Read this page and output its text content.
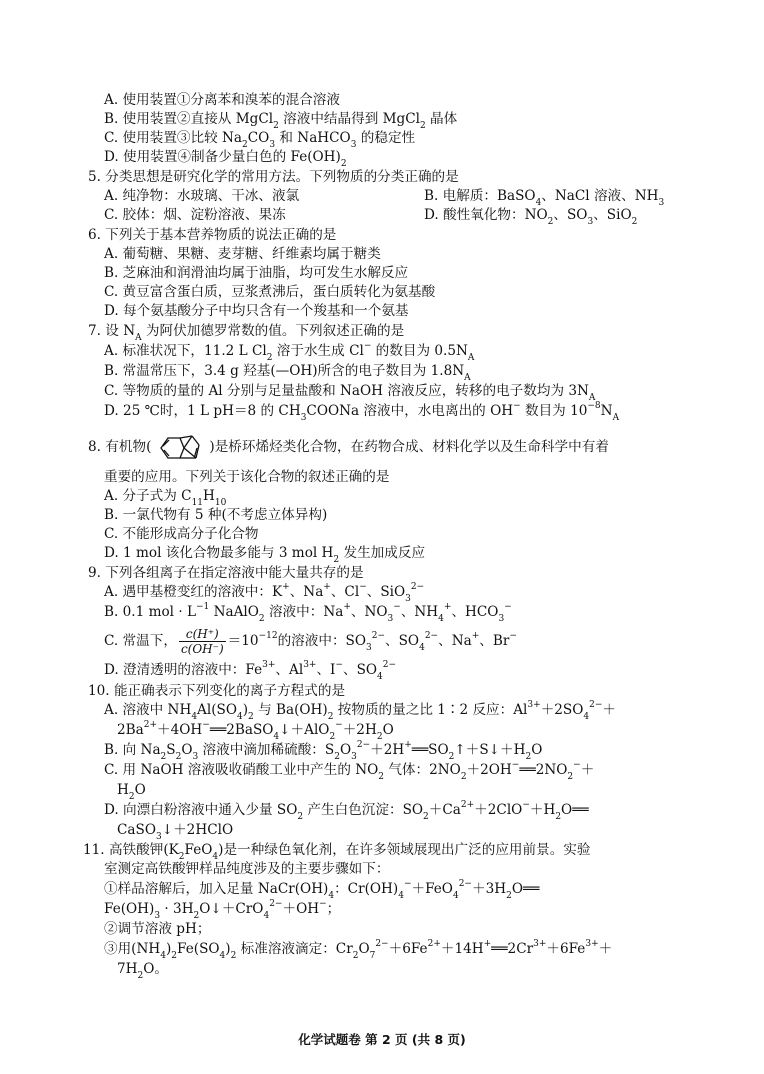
A. 使用装置①分离苯和溴苯的混合溶液
B. 使用装置②直接从 MgCl$_2$ 溶液中结晶得到 MgCl$_2$ 晶体
C. 使用装置③比较 $Na_2CO_3$ 和 NaHCO$_3$ 的稳定性
D. 使用装置④制备少量白色的 $Fe(OH)_2$
5. 分类思想是研究化学的常用方法。下列物质的分类正确的是
A. 纯净物：水玻璃、干冰、液氯	B. 电解质：BaSO$_4$、NaCl 溶液、$NH_3$
C. 胶体：烟、淀粉溶液、果冻	D. 酸性氧化物：$NO_2$、$SO_3$、SiO$_2$
6. 下列关于基本营养物质的说法正确的是
A. 葡萄糖、果糖、麦芽糖、纤维素均属于糖类
B. 芝麻油和润滑油均属于油脂，均可发生水解反应
C. 黄豆富含蛋白质，豆浆煮沸后，蛋白质转化为氨基酸
D. 每个氨基酸分子中均只含有一个羧基和一个氨基
7. 设 $N_A$ 为阿伏加德罗常数的值。下列叙述正确的是
A. 标准状况下，11.2 L $Cl_2$ 溶于水生成 Cl− 的数目为 $0.5N_A$
B. 常温常压下，3.4 g 羟基(—OH)所含的电子数目为 $1.8N_A$
C. 等物质的量的 Al 分别与足量盐酸和 NaOH 溶液反应，转移的电子数均为 $3N_A$
D. 25 ℃时，1 L pH＝8 的 $CH_3COONa$ 溶液中，水电离出的 OH− 数目为 $10^{-8}N_A$
8. 有机物(	)是桥环烯烃类化合物，在药物合成、材料化学以及生命科学中有着
重要的应用。下列关于该化合物的叙述正确的是
A. 分子式为 $C_{11}H_{10}$
B. 一氯代物有 5 种(不考虑立体异构)
C. 不能形成高分子化合物
D. 1 mol 该化合物最多能与 3 mol $H_2$ 发生加成反应
9. 下列各组离子在指定溶液中能大量共存的是
A. 遇甲基橙变红的溶液中：K+、Na+、Cl−、SiO$_3^{2-}$
B. 0.1 mol · $L^{-1}$ NaAlO$_2$ 溶液中：Na+、$NO_3^-$、$NH_4^+$、$HCO_3^-$
C. 常温下， $\frac{c(H^+)}{c(OH^-)} =10^{-12}$的溶液中：$SO_3^{2-}$、$SO_4^{2-}$、Na+、Br−
D. 澄清透明的溶液中：$Fe^{3+}$、$Al^{3+}$、I−、$SO_4^{2-}$
10. 能正确表示下列变化的离子方程式的是
A. 溶液中 $NH_4Al(SO_4)_2$ 与 $Ba(OH)_2$ 按物质的量之比 1∶2 反应：$Al^{3+}+2SO_4^{2-}+$
$2Ba^{2+}+4OH^-══2BaSO_4↓+AlO_2^-+2H_2O$
B. 向 $Na_2S_2O_3$ 溶液中滴加稀硫酸：$S_2O_3^{2-}+2H^+══SO_2↑+S↓+H_2O$
C. 用 NaOH 溶液吸收硝酸工业中产生的 $NO_2$ 气体：$2NO_2+2OH^-══2NO_2^-+$
$H_2O$
D. 向漂白粉溶液中通入少量 $SO_2$ 产生白色沉淀：$SO_2+Ca^{2+}+2ClO^-+H_2O══$
CaSO$_3$↓＋2HClO
11. 高铁酸钾$(K_2FeO_4)$是一种绿色氧化剂，在许多领域展现出广泛的应用前景。实验
室测定高铁酸钾样品纯度涉及的主要步骤如下：
①样品溶解后，加入足量 $NaCr(OH)_4$：$Cr(OH)_4^-+FeO_4^{2-}+3H_2O══$
$Fe(OH)_3$ · $3H_2O↓+CrO_4^{2-}+OH^-$；
②调节溶液 pH；
③用$(NH_4)_2Fe(SO_4)_2$ 标准溶液滴定：$Cr_2O_7^{2-}+6Fe^{2+}+14H^+══2Cr^{3+}+6Fe^{3+}+$
$7H_2O$。
化学试题卷 第 2 页 (共 8 页)
